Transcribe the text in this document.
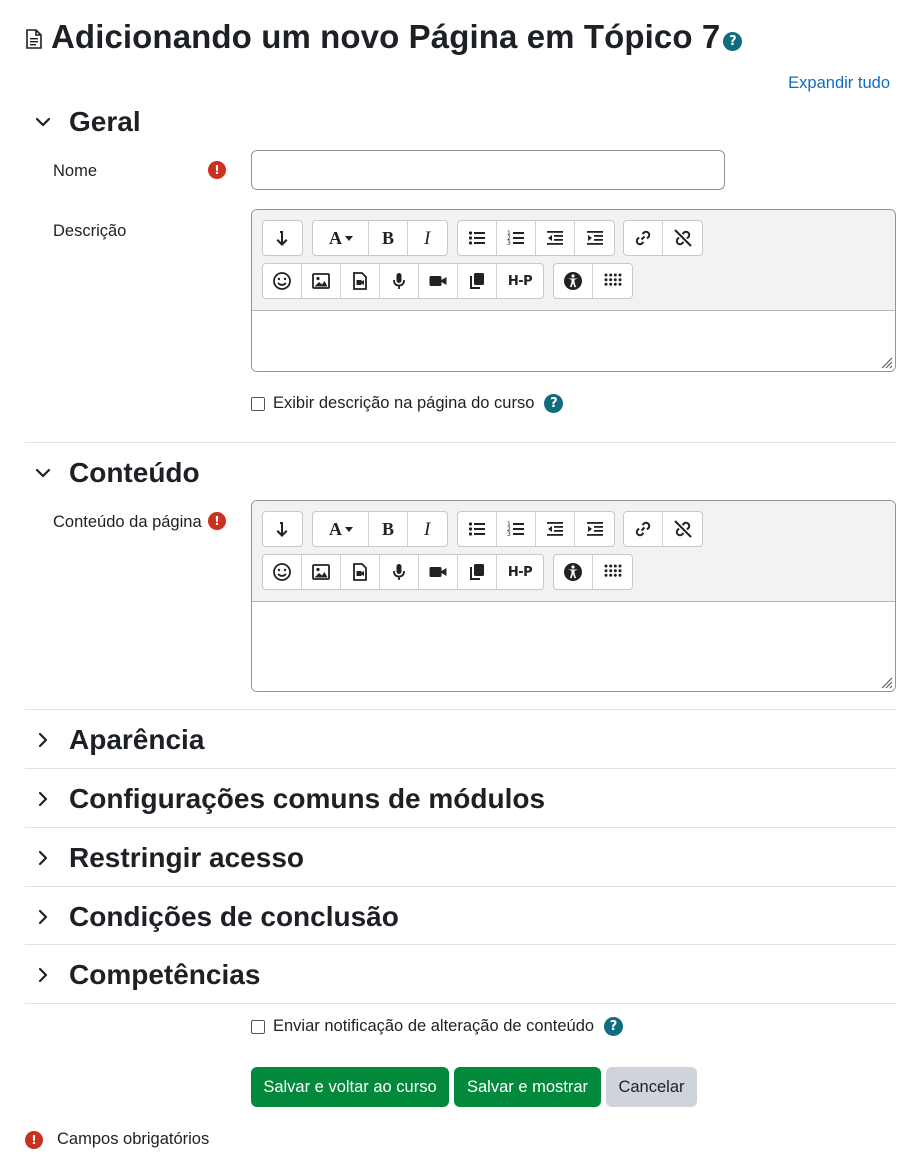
Adicionando um novo Página em Tópico 7 ?
Expandir tudo
Geral
Nome	!
Descrição
H-P
Exibir descrição na página do curso	?
Conteúdo
Conteúdo da página	!
H-P
Aparência
Configurações comuns de módulos
Restringir acesso
Condições de conclusão
Competências
Enviar notificação de alteração de conteúdo	?
Salvar e voltar ao curso	Salvar e mostrar	Cancelar
!	Campos obrigatórios
